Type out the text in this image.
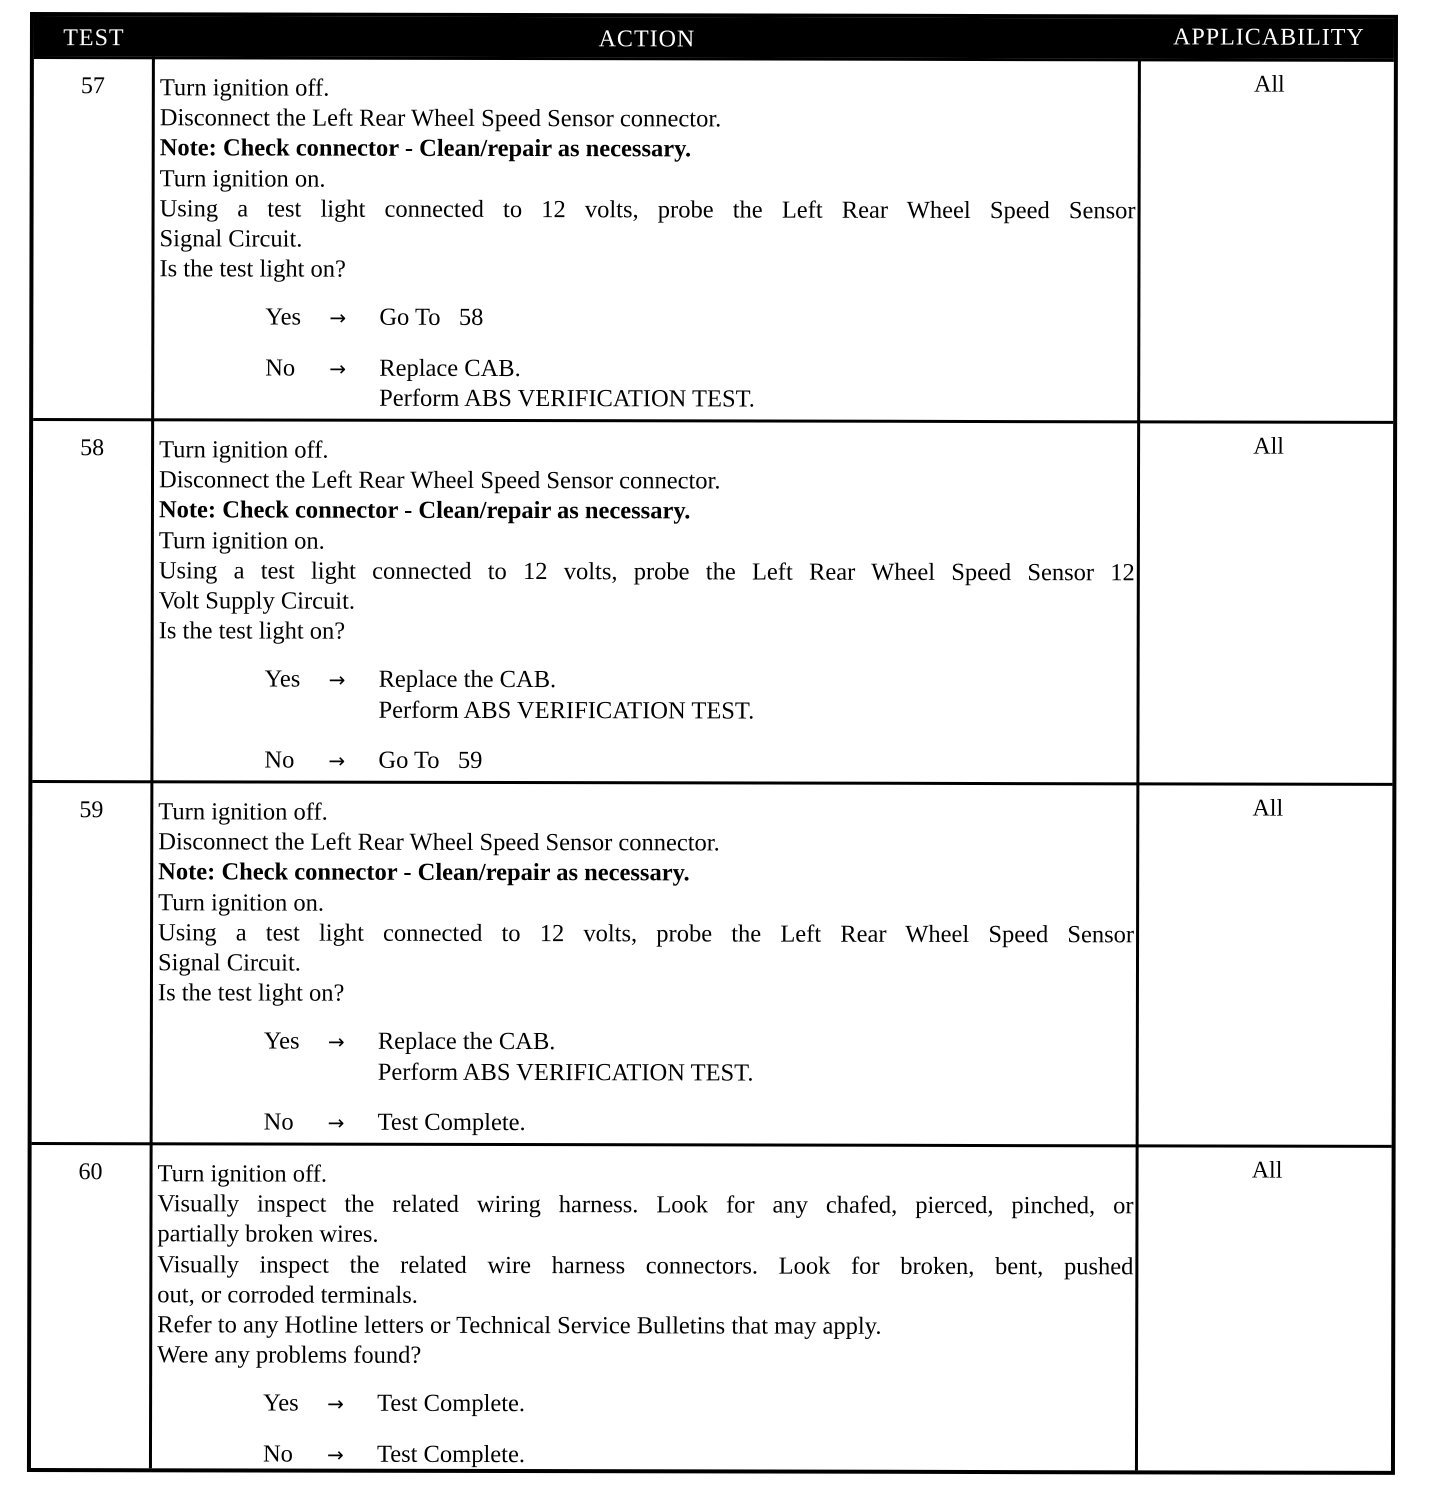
TEST	ACTION	APPLICABILITY
57	Turn ignition off.
Disconnect the Left Rear Wheel Speed Sensor connector.
Note: Check connector - Clean/repair as necessary.
Turn ignition on.
Using a test light connected to 12 volts, probe the Left Rear Wheel Speed Sensor
Signal Circuit.
Is the test light on?
Yes	→	Go To   58
No	→	Replace CAB.
Perform ABS VERIFICATION TEST.
All
58	Turn ignition off.
Disconnect the Left Rear Wheel Speed Sensor connector.
Note: Check connector - Clean/repair as necessary.
Turn ignition on.
Using a test light connected to 12 volts, probe the Left Rear Wheel Speed Sensor 12
Volt Supply Circuit.
Is the test light on?
Yes	→	Replace the CAB.
Perform ABS VERIFICATION TEST.
No	→	Go To   59
All
59	Turn ignition off.
Disconnect the Left Rear Wheel Speed Sensor connector.
Note: Check connector - Clean/repair as necessary.
Turn ignition on.
Using a test light connected to 12 volts, probe the Left Rear Wheel Speed Sensor
Signal Circuit.
Is the test light on?
Yes	→	Replace the CAB.
Perform ABS VERIFICATION TEST.
No	→	Test Complete.
All
60	Turn ignition off.
Visually inspect the related wiring harness. Look for any chafed, pierced, pinched, or
partially broken wires.
Visually inspect the related wire harness connectors. Look for broken, bent, pushed
out, or corroded terminals.
Refer to any Hotline letters or Technical Service Bulletins that may apply.
Were any problems found?
Yes	→	Test Complete.
No	→	Test Complete.
All
